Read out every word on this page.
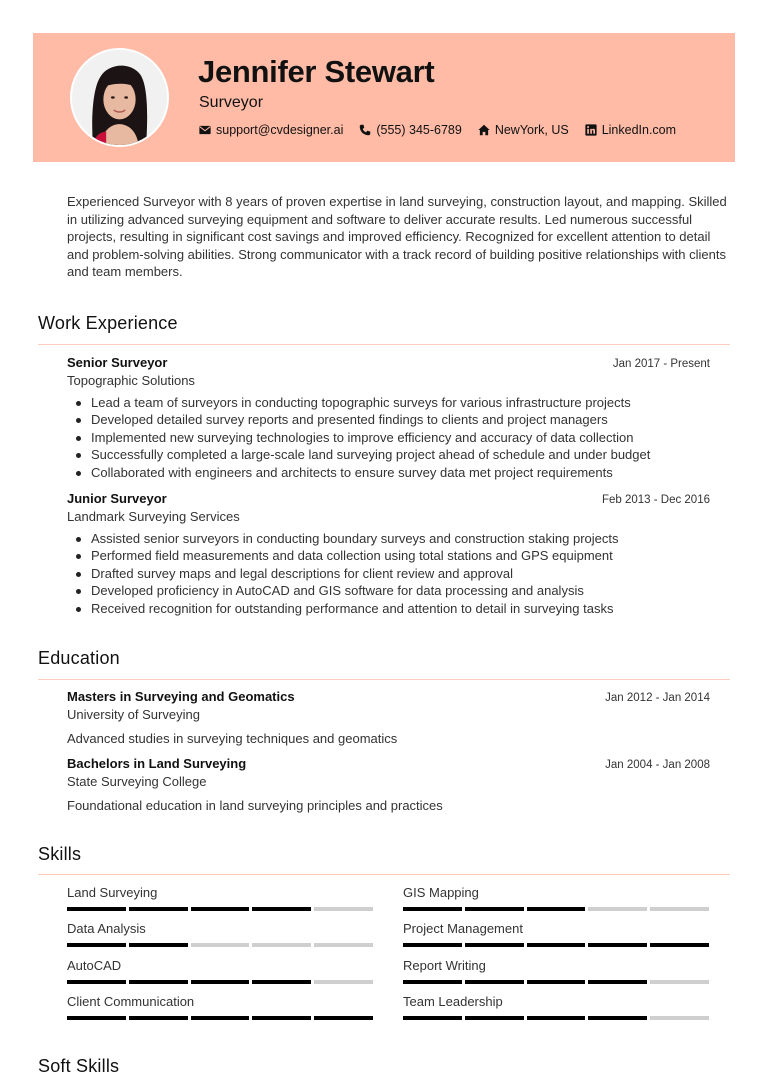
Jennifer Stewart
Surveyor
support@cvdesigner.ai	(555) 345-6789	NewYork, US	LinkedIn.com
Experienced Surveyor with 8 years of proven expertise in land surveying, construction layout, and mapping. Skilled in utilizing advanced surveying equipment and software to deliver accurate results. Led numerous successful projects, resulting in significant cost savings and improved efficiency. Recognized for excellent attention to detail and problem-solving abilities. Strong communicator with a track record of building positive relationships with clients and team members.
Work Experience
Senior Surveyor	Jan 2017 - Present
Topographic Solutions
Lead a team of surveyors in conducting topographic surveys for various infrastructure projects
Developed detailed survey reports and presented findings to clients and project managers
Implemented new surveying technologies to improve efficiency and accuracy of data collection
Successfully completed a large-scale land surveying project ahead of schedule and under budget
Collaborated with engineers and architects to ensure survey data met project requirements
Junior Surveyor	Feb 2013 - Dec 2016
Landmark Surveying Services
Assisted senior surveyors in conducting boundary surveys and construction staking projects
Performed field measurements and data collection using total stations and GPS equipment
Drafted survey maps and legal descriptions for client review and approval
Developed proficiency in AutoCAD and GIS software for data processing and analysis
Received recognition for outstanding performance and attention to detail in surveying tasks
Education
Masters in Surveying and Geomatics	Jan 2012 - Jan 2014
University of Surveying
Advanced studies in surveying techniques and geomatics
Bachelors in Land Surveying	Jan 2004 - Jan 2008
State Surveying College
Foundational education in land surveying principles and practices
Skills
Land Surveying	GIS Mapping
Data Analysis	Project Management
AutoCAD	Report Writing
Client Communication	Team Leadership
Soft Skills
